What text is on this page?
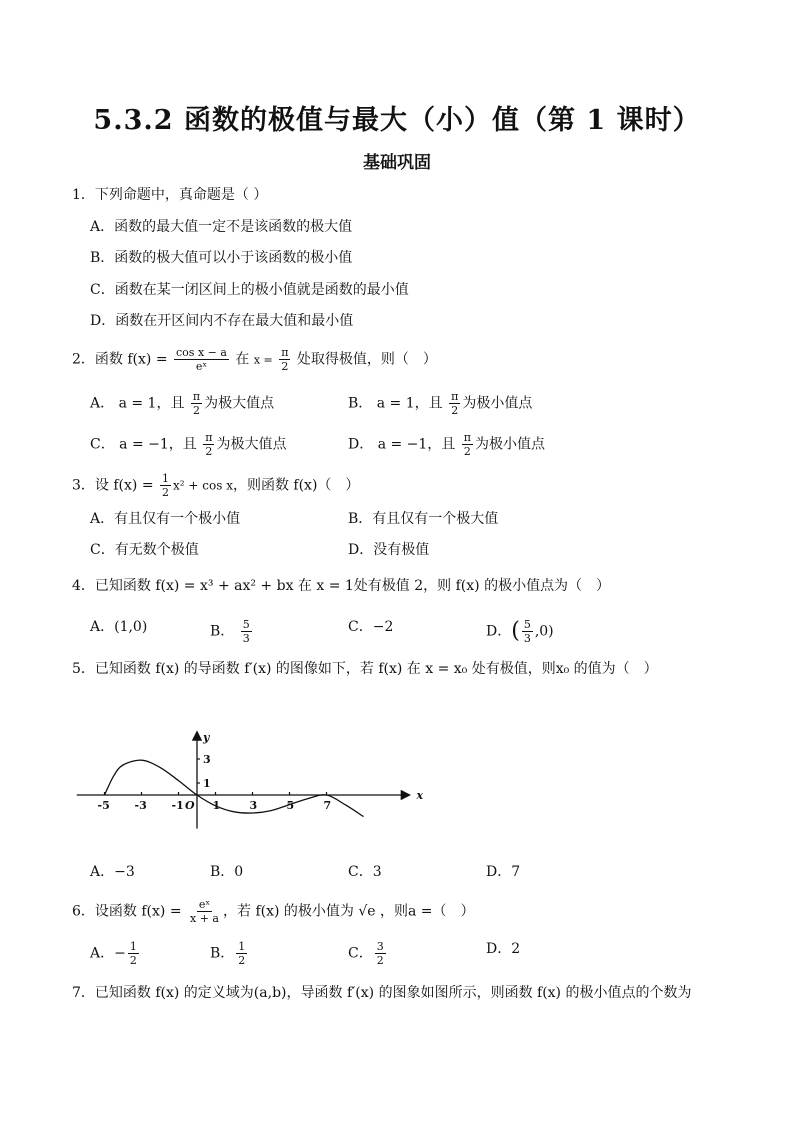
5.3.2 函数的极值与最大（小）值（第 1 课时）
基础巩固
1．下列命题中，真命题是（ ）
A．函数的最大值一定不是该函数的极大值
B．函数的极大值可以小于该函数的极小值
C．函数在某一闭区间上的极小值就是函数的最小值
D．函数在开区间内不存在最大值和最小值
2．函数 $f(x) = \frac{\text{cos x − a}}{\text{eˣ}}$ 在 $x = \frac{\pi}{2}$ 处取得极值，则（　）
A． a = 1，且 $\frac{\pi}{2}$ 为极大值点	B． a = 1，且 $\frac{\pi}{2}$ 为极小值点
C． a = −1，且 $\frac{\pi}{2}$ 为极大值点	D． a = −1，且 $\frac{\pi}{2}$ 为极小值点
3．设 $f(x) = \frac{1}{2} x^2 + \cos x$，则函数 f(x)（　）
A．有且仅有一个极小值	B．有且仅有一个极大值
C．有无数个极值	D．没有极值
4．已知函数 f(x) = x³ + ax² + bx 在 x = 1处有极值 2，则 f(x) 的极小值点为（　）
A．(1,0)	B． $\frac{5}{3}$	C．−2	D．( $\frac{5}{3} ,0$)
5．已知函数 f(x) 的导函数 f′(x) 的图像如下，若 f(x) 在 x = x₀ 处有极值，则x₀ 的值为（　）
x
y
O
-5 -3 -1	1	3	5	7
1
3
A．−3	B．0	C．3	D．7
6．设函数 $f(x) = \frac{\text{eˣ}}{x + a}$ ，若 f(x) 的极小值为 √e ，则a =（　）
A．− $\frac{1}{2}$	B． $\frac{1}{2}$	C． $\frac{3}{2}$	D．2
7．已知函数 f(x) 的定义域为(a,b)，导函数 f′(x) 的图象如图所示，则函数 f(x) 的极小值点的个数为
